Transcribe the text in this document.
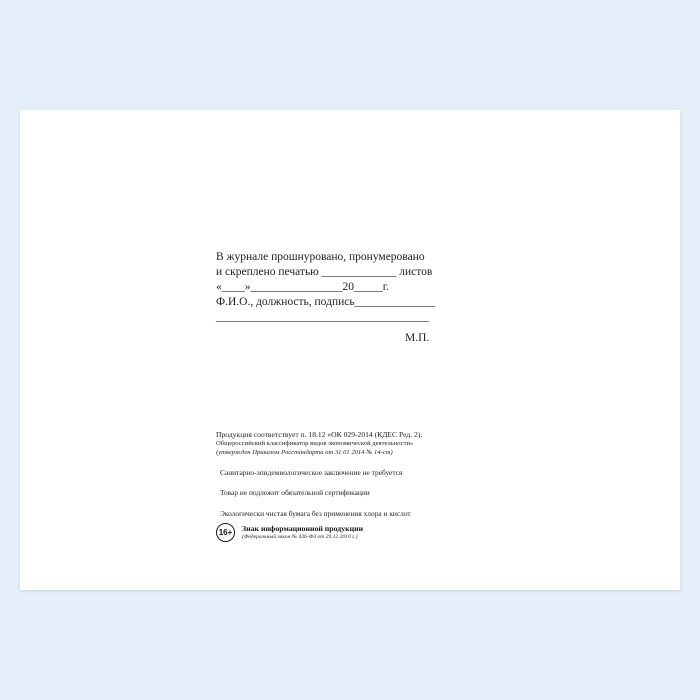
В журнале прошнуровано, пронумеровано
и скреплено печатью _____________ листов
«____»________________20_____г.
Ф.И.О., должность, подпись______________
_____________________________________
М.П.
Продукция соответствует п. 18.12 «ОК 029-2014 (КДЕС Ред. 2).
Общероссийский классификатор видов экономической деятельности»
(утвержден Приказом Росстандарта от 31.01 2014 № 14-ст)
Санитарно-эпидемиологическое заключение не требуется
Товар не подлежит обязательной сертификации
Экологически чистая бумага без применения хлора и кислот
16+	Знак информационной продукции
(Федеральный закон № 436-ФЗ от 29.12.2010 г.)
